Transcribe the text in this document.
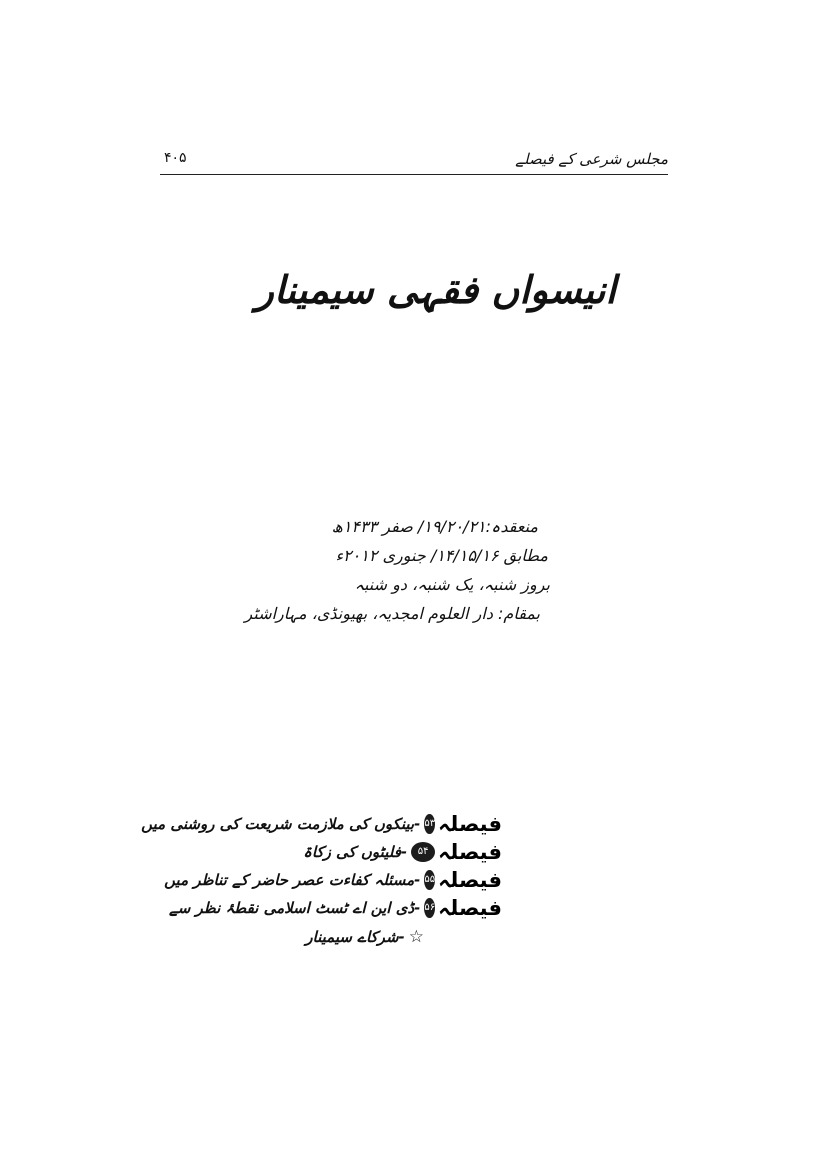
مجلس شرعی کے فیصلے
۴۰۵
انیسواں فقہی سیمینار
منعقدہ:۱۹/۲۰/۲۱/ صفر ۱۴۳۳ھ
مطابق ۱۴/۱۵/۱۶/ جنوری ۲۰۱۲ء
بروز شنبہ، یک شنبہ، دو شنبہ
بمقام: دار العلوم امجدیہ، بھیونڈی، مہاراشٹر
فیصلہ
۵۳
-بینکوں کی ملازمت شریعت کی روشنی میں
فیصلہ
۵۴
-فلیٹوں کی زکاۃ
فیصلہ
۵۵
-مسئلہ کفاءت عصر حاضر کے تناظر میں
فیصلہ
۵۶
-ڈی این اے ٹسٹ اسلامی نقطۂ نظر سے
☆
-شرکاے سیمینار
